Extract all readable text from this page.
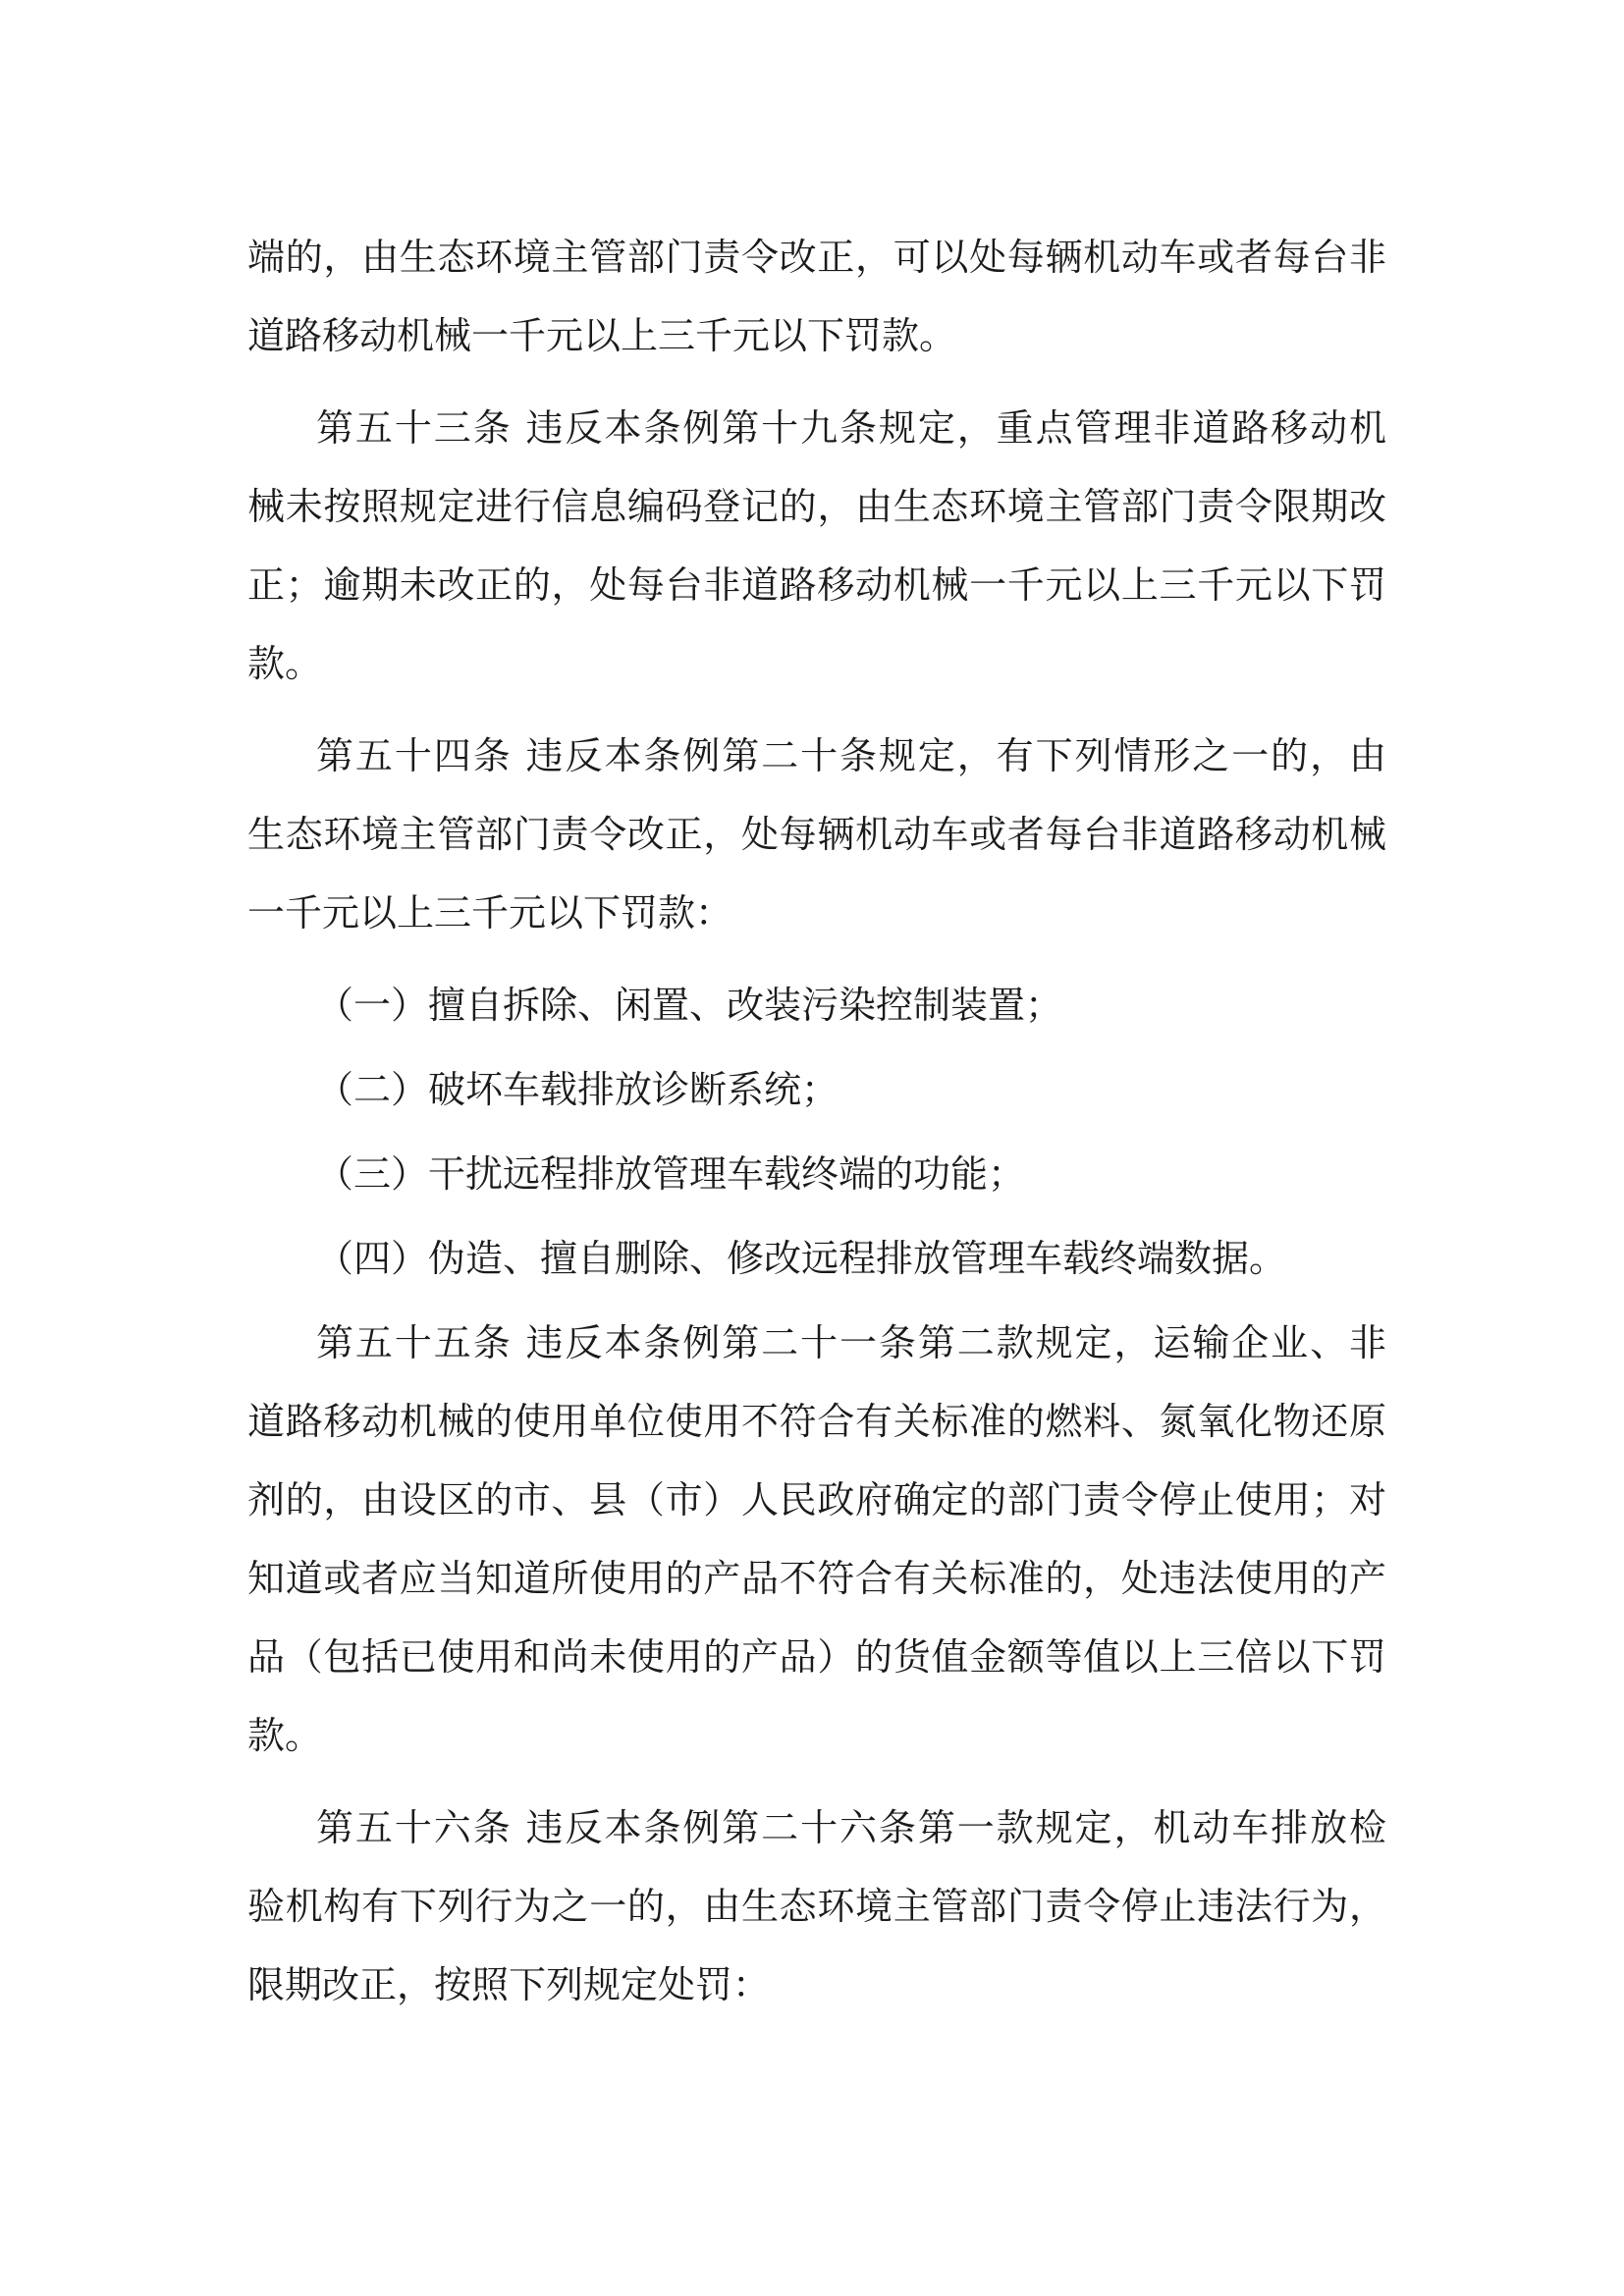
端的，由生态环境主管部门责令改正，可以处每辆机动车或者每台非
道路移动机械一千元以上三千元以下罚款。
第五十三条 违反本条例第十九条规定，重点管理非道路移动机
械未按照规定进行信息编码登记的，由生态环境主管部门责令限期改
正；逾期未改正的，处每台非道路移动机械一千元以上三千元以下罚
款。
第五十四条 违反本条例第二十条规定，有下列情形之一的，由
生态环境主管部门责令改正，处每辆机动车或者每台非道路移动机械
一千元以上三千元以下罚款：
（一）擅自拆除、闲置、改装污染控制装置；
（二）破坏车载排放诊断系统；
（三）干扰远程排放管理车载终端的功能；
（四）伪造、擅自删除、修改远程排放管理车载终端数据。
第五十五条 违反本条例第二十一条第二款规定，运输企业、非
道路移动机械的使用单位使用不符合有关标准的燃料、氮氧化物还原
剂的，由设区的市、县（市）人民政府确定的部门责令停止使用；对
知道或者应当知道所使用的产品不符合有关标准的，处违法使用的产
品（包括已使用和尚未使用的产品）的货值金额等值以上三倍以下罚
款。
第五十六条 违反本条例第二十六条第一款规定，机动车排放检
验机构有下列行为之一的，由生态环境主管部门责令停止违法行为，
限期改正，按照下列规定处罚：
